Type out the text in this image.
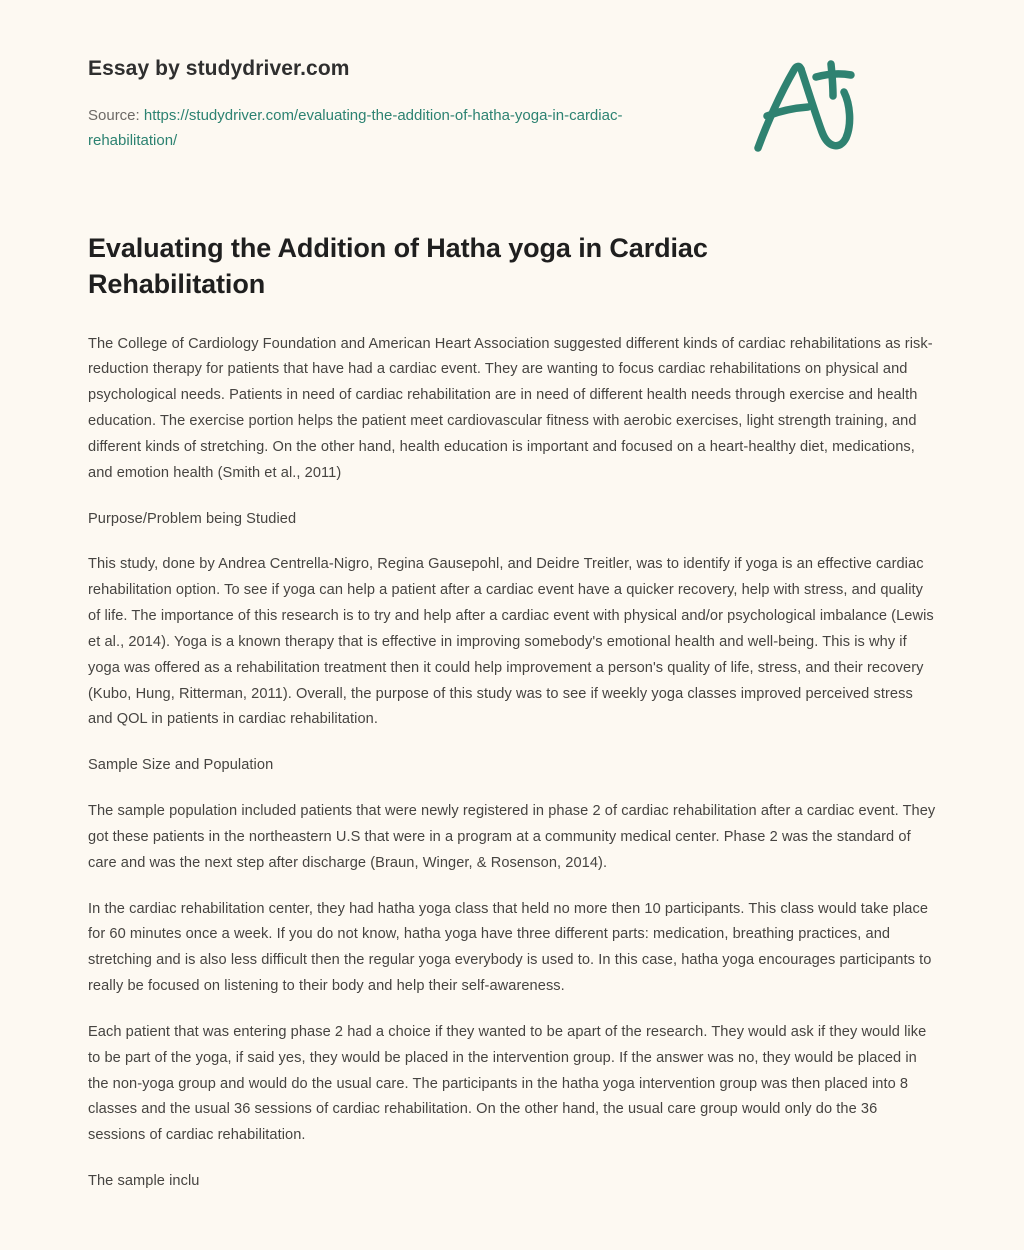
Essay by studydriver.com
Source: https://studydriver.com/evaluating-the-addition-of-hatha-yoga-in-cardiac-rehabilitation/
Evaluating the Addition of Hatha yoga in Cardiac Rehabilitation

The College of Cardiology Foundation and American Heart Association suggested different kinds of cardiac rehabilitations as risk-reduction therapy for patients that have had a cardiac event. They are wanting to focus cardiac rehabilitations on physical and psychological needs. Patients in need of cardiac rehabilitation are in need of different health needs through exercise and health education. The exercise portion helps the patient meet cardiovascular fitness with aerobic exercises, light strength training, and different kinds of stretching. On the other hand, health education is important and focused on a heart-healthy diet, medications, and emotion health (Smith et al., 2011)

Purpose/Problem being Studied

This study, done by Andrea Centrella-Nigro, Regina Gausepohl, and Deidre Treitler, was to identify if yoga is an effective cardiac rehabilitation option. To see if yoga can help a patient after a cardiac event have a quicker recovery, help with stress, and quality of life. The importance of this research is to try and help after a cardiac event with physical and/or psychological imbalance (Lewis et al., 2014). Yoga is a known therapy that is effective in improving somebody's emotional health and well-being. This is why if yoga was offered as a rehabilitation treatment then it could help improvement a person's quality of life, stress, and their recovery (Kubo, Hung, Ritterman, 2011). Overall, the purpose of this study was to see if weekly yoga classes improved perceived stress and QOL in patients in cardiac rehabilitation.

Sample Size and Population

The sample population included patients that were newly registered in phase 2 of cardiac rehabilitation after a cardiac event. They got these patients in the northeastern U.S that were in a program at a community medical center. Phase 2 was the standard of care and was the next step after discharge (Braun, Winger, & Rosenson, 2014).

In the cardiac rehabilitation center, they had hatha yoga class that held no more then 10 participants. This class would take place for 60 minutes once a week. If you do not know, hatha yoga have three different parts: medication, breathing practices, and stretching and is also less difficult then the regular yoga everybody is used to. In this case, hatha yoga encourages participants to really be focused on listening to their body and help their self-awareness.

Each patient that was entering phase 2 had a choice if they wanted to be apart of the research. They would ask if they would like to be part of the yoga, if said yes, they would be placed in the intervention group. If the answer was no, they would be placed in the non-yoga group and would do the usual care. The participants in the hatha yoga intervention group was then placed into 8 classes and the usual 36 sessions of cardiac rehabilitation. On the other hand, the usual care group would only do the 36 sessions of cardiac rehabilitation.

The sample inclu
